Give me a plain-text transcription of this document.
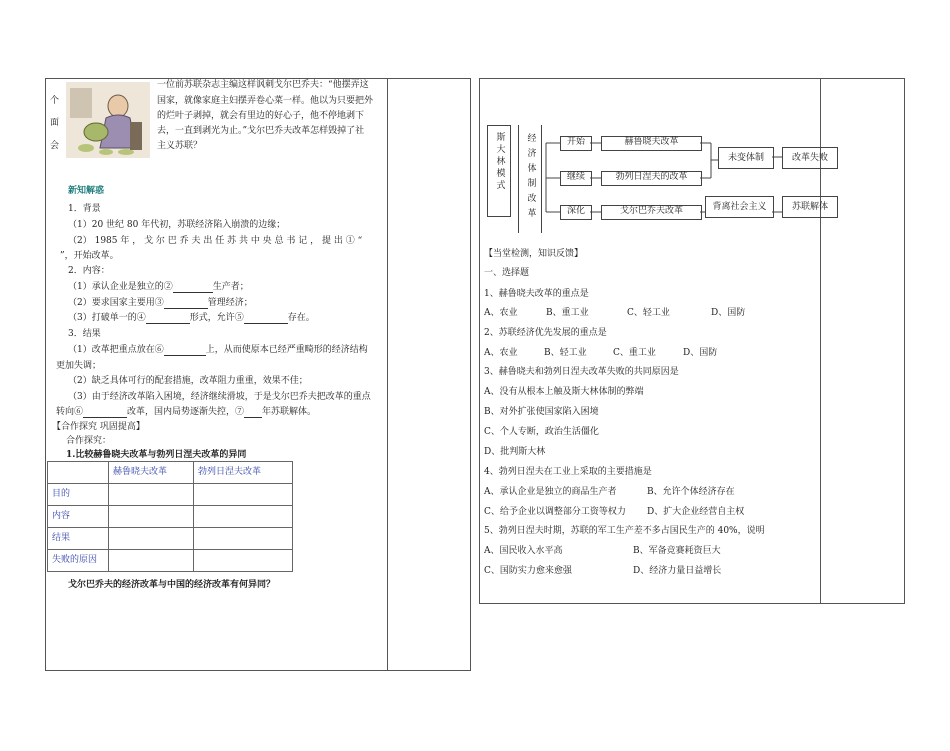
个
面
会
一位前苏联杂志主编这样讽刺戈尔巴乔夫：“他摆弄这
国家，就像家庭主妇摆弄卷心菜一样。他以为只要把外
的烂叶子剥掉，就会有里边的好心子，他不停地剥下
去，一直到剥光为止。”戈尔巴乔夫改革怎样毁掉了社
主义苏联？
新知解惑
1．背景
（1）20 世纪 80 年代初，苏联经济陷入崩溃的边缘；
（2） 1985 年 ， 戈 尔 巴 乔 夫 出 任 苏 共 中 央 总 书 记 ， 提 出 ① “
”，开始改革。
2．内容：
（1）承认企业是独立的②	生产者；
（2）要求国家主要用③	管理经济；
（3）打破单一的④	形式，允许⑤	存在。
3．结果
（1）改革把重点放在⑥	上，从而使原本已经严重畸形的经济结构
更加失调；
（2）缺乏具体可行的配套措施，改革阻力重重，效果不佳；
（3）由于经济改革陷入困境，经济继续滑坡，于是戈尔巴乔夫把改革的重点
转向⑥	改革，国内局势逐渐失控，⑦ 年苏联解体。
【合作探究 巩固提高】
合作探究：
1.比较赫鲁晓夫改革与勃列日涅夫改革的异同
	赫鲁晓夫改革	勃列日涅夫改革
目的		
内容		
结果		
失败的原因		
戈尔巴乔夫的经济改革与中国的经济改革有何异同？
斯大林模式 经济体制改革	开始
继续
深化
赫鲁晓夫改革
勃列日涅夫的改革
戈尔巴乔夫改革
未变体制	改革失败
背离社会主义	苏联解体
【当堂检测，知识反馈】
一、选择题
1、赫鲁晓夫改革的重点是
A、农业	B、重工业	C、轻工业	D、国防
2、苏联经济优先发展的重点是
A、农业	B、轻工业	C、重工业	D、国防
3、赫鲁晓夫和勃列日涅夫改革失败的共同原因是
A、没有从根本上触及斯大林体制的弊端
B、对外扩张使国家陷入困境
C、个人专断，政治生活僵化
D、批判斯大林
4、勃列日涅夫在工业上采取的主要措施是
A、承认企业是独立的商品生产者	B、允许个体经济存在
C、给予企业以调整部分工资等权力 D、扩大企业经营自主权
5、勃列日涅夫时期，苏联的军工生产差不多占国民生产的 40%，说明
A、国民收入水平高	B、军备竞赛耗资巨大
C、国防实力愈来愈强	D、经济力量日益增长
